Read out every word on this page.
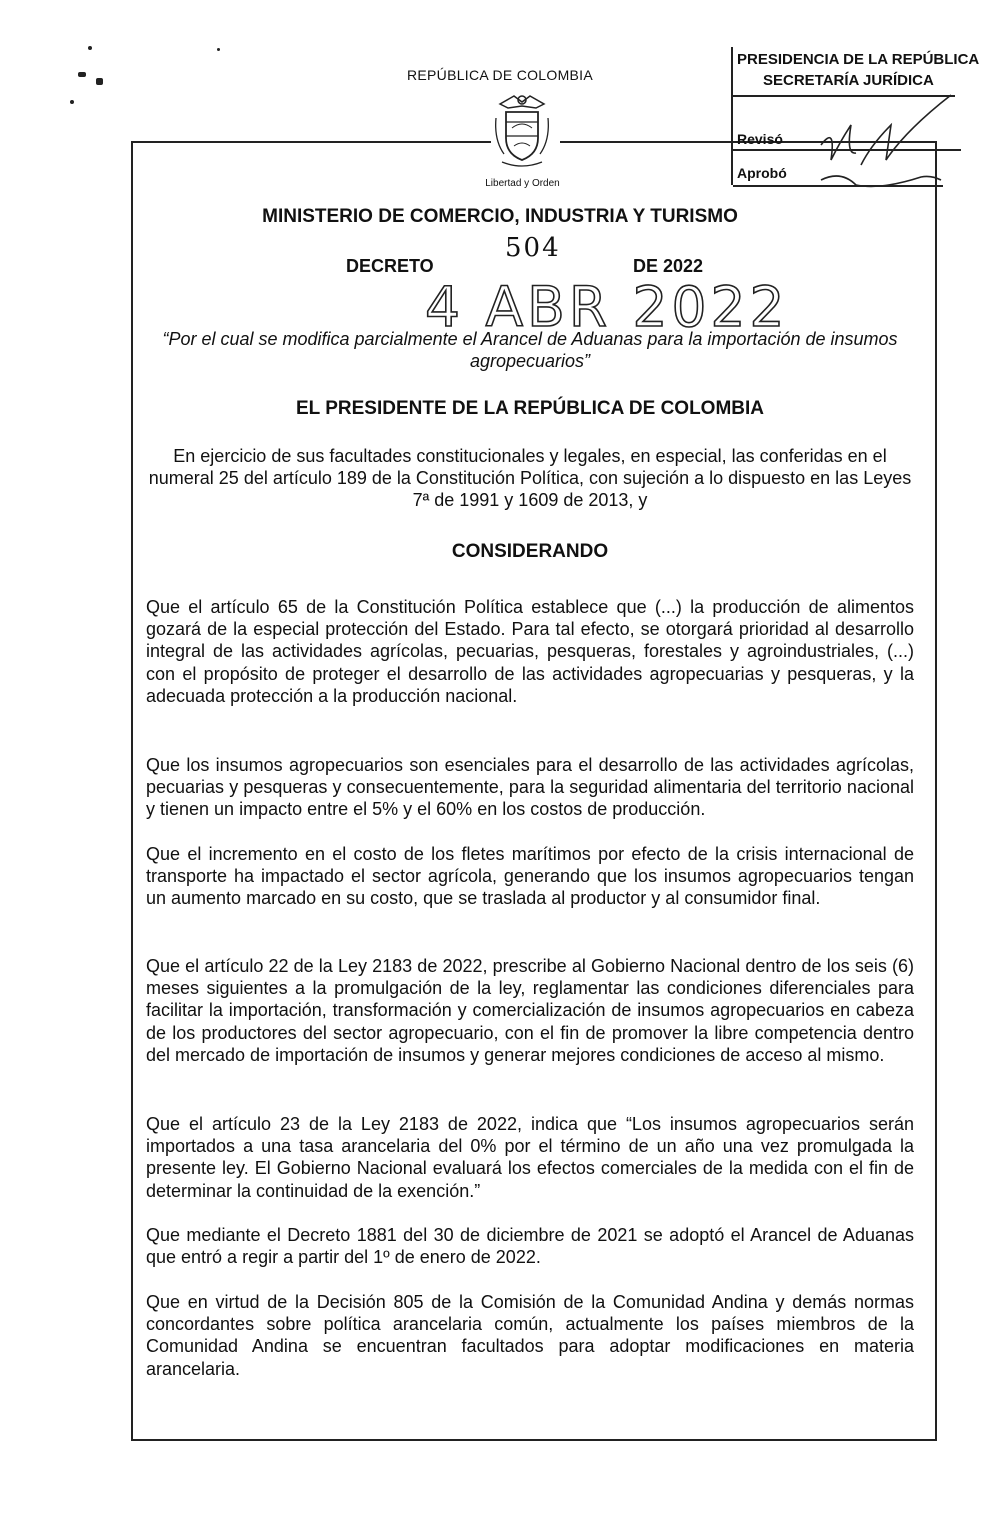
REPÚBLICA DE COLOMBIA
Libertad y Orden
PRESIDENCIA DE LA REPÚBLICA
SECRETARÍA JURÍDICA
Revisó
Aprobó
MINISTERIO DE COMERCIO, INDUSTRIA Y TURISMO
DECRETO
504
DE 2022
4 ABR 2022
“Por el cual se modifica parcialmente el Arancel de Aduanas para la importación de insumos agropecuarios”
EL PRESIDENTE DE LA REPÚBLICA DE COLOMBIA
En ejercicio de sus facultades constitucionales y legales, en especial, las conferidas en el numeral 25 del artículo 189 de la Constitución Política, con sujeción a lo dispuesto en las Leyes 7ª de 1991 y 1609 de 2013, y
CONSIDERANDO
Que el artículo 65 de la Constitución Política establece que (...) la producción de alimentos gozará de la especial protección del Estado. Para tal efecto, se otorgará prioridad al desarrollo integral de las actividades agrícolas, pecuarias, pesqueras, forestales y agroindustriales, (...) con el propósito de proteger el desarrollo de las actividades agropecuarias y pesqueras, y la adecuada protección a la producción nacional.
Que los insumos agropecuarios son esenciales para el desarrollo de las actividades agrícolas, pecuarias y pesqueras y consecuentemente, para la seguridad alimentaria del territorio nacional y tienen un impacto entre el 5% y el 60% en los costos de producción.
Que el incremento en el costo de los fletes marítimos por efecto de la crisis internacional de transporte ha impactado el sector agrícola, generando que los insumos agropecuarios tengan un aumento marcado en su costo, que se traslada al productor y al consumidor final.
Que el artículo 22 de la Ley 2183 de 2022, prescribe al Gobierno Nacional dentro de los seis (6) meses siguientes a la promulgación de la ley, reglamentar las condiciones diferenciales para facilitar la importación, transformación y comercialización de insumos agropecuarios en cabeza de los productores del sector agropecuario, con el fin de promover la libre competencia dentro del mercado de importación de insumos y generar mejores condiciones de acceso al mismo.
Que el artículo 23 de la Ley 2183 de 2022, indica que “Los insumos agropecuarios serán importados a una tasa arancelaria del 0% por el término de un año una vez promulgada la presente ley. El Gobierno Nacional evaluará los efectos comerciales de la medida con el fin de determinar la continuidad de la exención.”
Que mediante el Decreto 1881 del 30 de diciembre de 2021 se adoptó el Arancel de Aduanas que entró a regir a partir del 1º de enero de 2022.
Que en virtud de la Decisión 805 de la Comisión de la Comunidad Andina y demás normas concordantes sobre política arancelaria común, actualmente los países miembros de la Comunidad Andina se encuentran facultados para adoptar modificaciones en materia arancelaria.
